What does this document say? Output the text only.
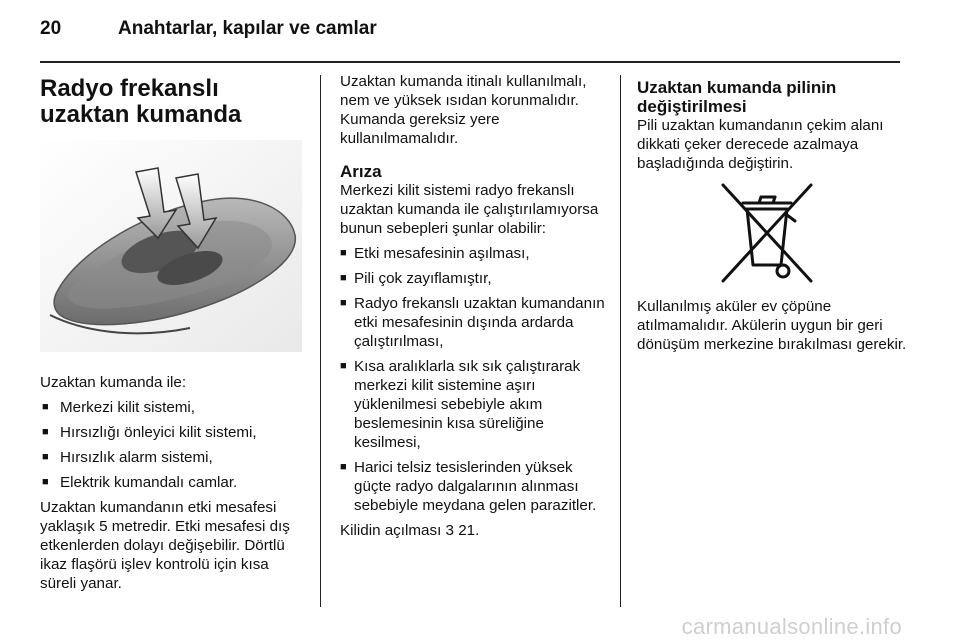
20	Anahtarlar, kapılar ve camlar
Radyo frekanslı uzaktan kumanda

Uzaktan kumanda ile:

■ Merkezi kilit sistemi,
■ Hırsızlığı önleyici kilit sistemi,
■ Hırsızlık alarm sistemi,
■ Elektrik kumandalı camlar.

Uzaktan kumandanın etki mesafesi yaklaşık 5 metredir. Etki mesafesi dış etkenlerden dolayı değişebilir. Dörtlü ikaz flaşörü işlev kontrolü için kısa süreli yanar.

Uzaktan kumanda itinalı kullanılmalı, nem ve yüksek ısıdan korunmalıdır. Kumanda gereksiz yere kullanılmamalıdır.

Arıza

Merkezi kilit sistemi radyo frekanslı uzaktan kumanda ile çalıştırılamıyorsa bunun sebepleri şunlar olabilir:

■ Etki mesafesinin aşılması,
■ Pili çok zayıflamıştır,
■ Radyo frekanslı uzaktan kumandanın etki mesafesinin dışında ardarda çalıştırılması,
■ Kısa aralıklarla sık sık çalıştırarak merkezi kilit sistemine aşırı yüklenilmesi sebebiyle akım beslemesinin kısa süreliğine kesilmesi,
■ Harici telsiz tesislerinden yüksek güçte radyo dalgalarının alınması sebebiyle meydana gelen parazitler.

Kilidin açılması 3 21.

Uzaktan kumanda pilinin değiştirilmesi

Pili uzaktan kumandanın çekim alanı dikkati çeker derecede azalmaya başladığında değiştirin.

Kullanılmış aküler ev çöpüne atılmamalıdır. Akülerin uygun bir geri dönüşüm merkezine bırakılması gerekir.

carmanualsonline.info
